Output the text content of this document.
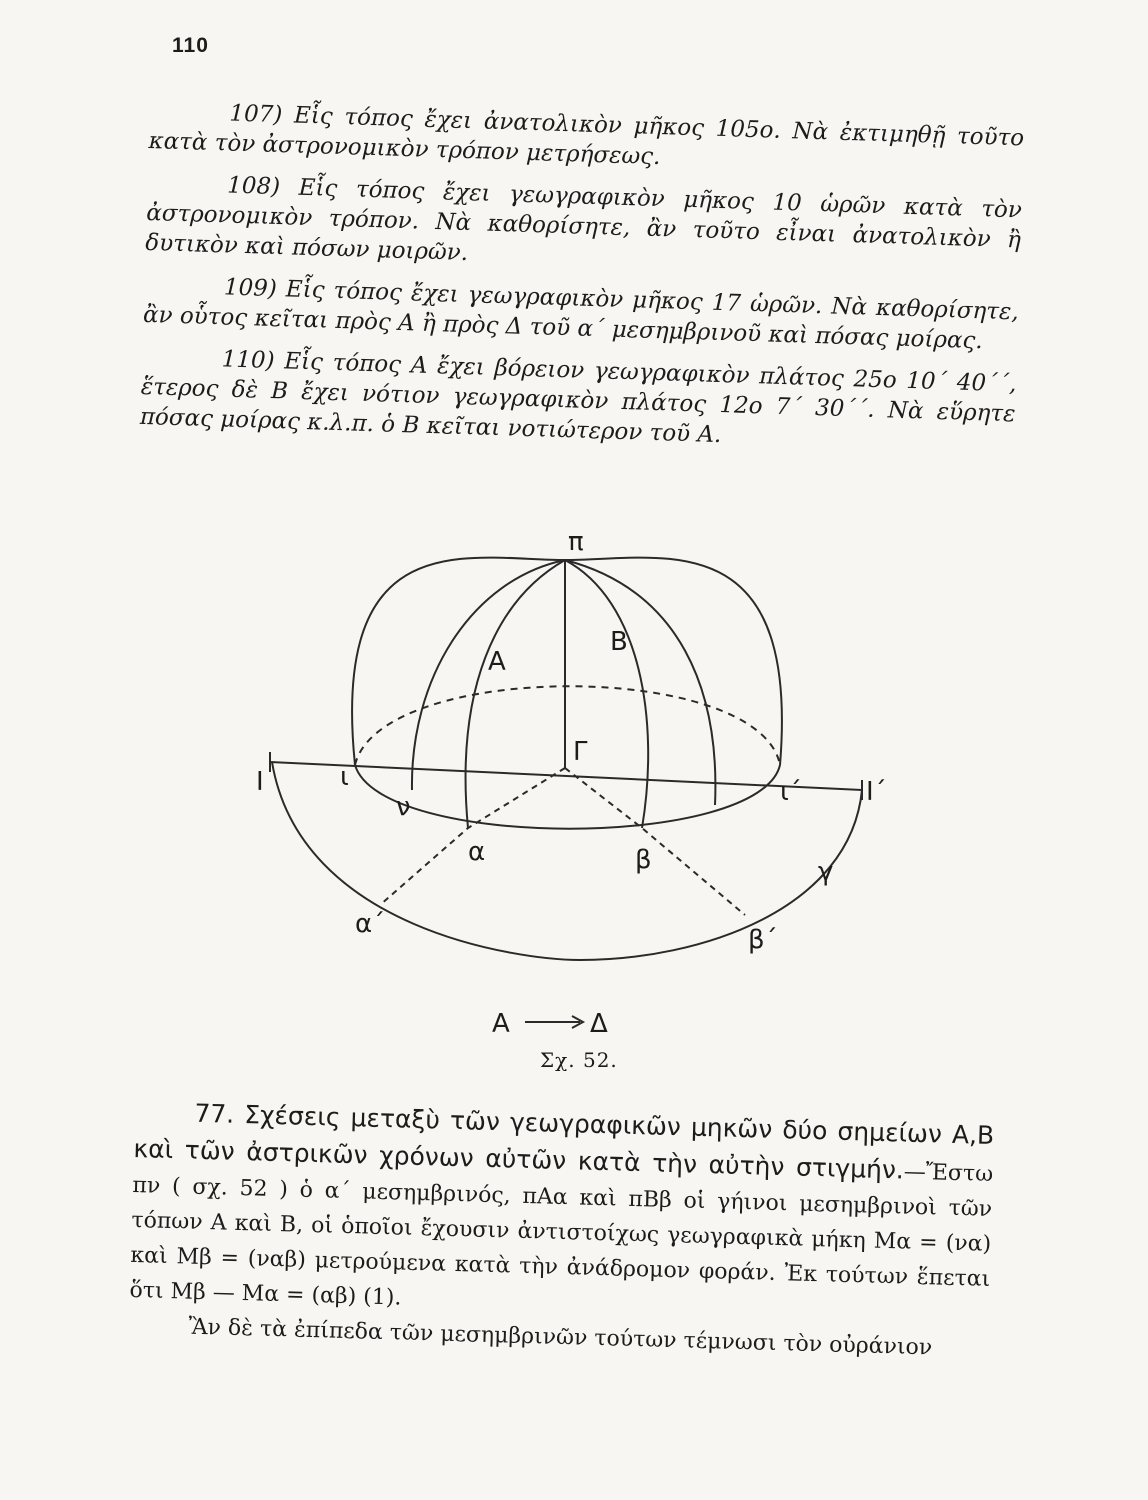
110

107) Εἷς τόπος ἔχει ἀνατολικὸν μῆκος 105ο. Νὰ ἐκτιμηθῇ τοῦτο κατὰ τὸν ἀστρονομικὸν τρόπον μετρήσεως.

108) Εἷς τόπος ἔχει γεωγραφικὸν μῆκος 10 ὡρῶν κατὰ τὸν ἀστρονομικὸν τρόπον. Νὰ καθορίσητε, ἂν τοῦτο εἶναι ἀνατολικὸν ἢ δυτικὸν καὶ πόσων μοιρῶν.

109) Εἷς τόπος ἔχει γεωγραφικὸν μῆκος 17 ὡρῶν. Νὰ καθορίσητε, ἂν οὗτος κεῖται πρὸς Α ἢ πρὸς Δ τοῦ α΄ μεσημβρινοῦ καὶ πόσας μοίρας.

110) Εἷς τόπος Α ἔχει βόρειον γεωγραφικὸν πλάτος 25ο 10΄ 40΄΄, ἕτερος δὲ Β ἔχει νότιον γεωγραφικὸν πλάτος 12ο 7΄ 30΄΄. Νὰ εὕρητε πόσας μοίρας κ.λ.π. ὁ Β κεῖται νοτιώτερον τοῦ Α.

π
Α
Β
Γ
Ι	Ι΄
ι	ι΄
ν
α	β	γ
α΄
β΄
Α	Δ
Σχ. 52.

77. Σχέσεις μεταξὺ τῶν γεωγραφικῶν μηκῶν δύο σημείων Α,Β καὶ τῶν ἀστρικῶν χρόνων αὐτῶν κατὰ τὴν αὐτὴν στιγμήν.—Ἔστω πν ( σχ. 52 ) ὁ α΄ μεσημβρινός, πΑα καὶ πΒβ οἱ γήινοι μεσημβρινοὶ τῶν τόπων Α καὶ Β, οἱ ὁποῖοι ἔχουσιν ἀντιστοίχως γεωγραφικὰ μήκη Μα = (να) καὶ Μβ = (ναβ) μετρούμενα κατὰ τὴν ἀνάδρομον φοράν. Ἐκ τούτων ἕπεται ὅτι Μβ — Μα = (αβ) (1).

Ἂν δὲ τὰ ἐπίπεδα τῶν μεσημβρινῶν τούτων τέμνωσι τὸν οὐράνιον
